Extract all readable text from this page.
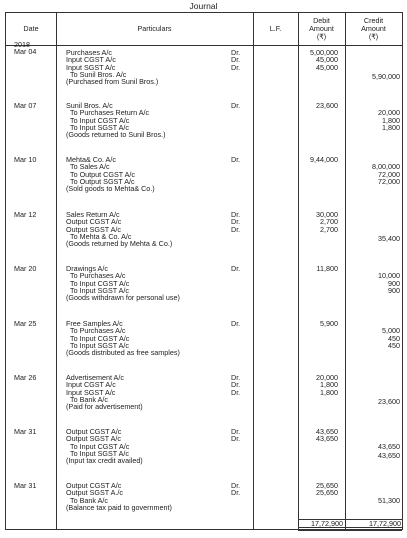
Journal
Date	Particulars	L.F.
Debit
Amount
(₹)
Credit
Amount
(₹)
2018
Mar 04	Purchases A/c	Dr.	5,00,000
Input CGST A/c	Dr.	45,000
Input SGST A/c	Dr.	45,000
To Sunil Bros. A/c	5,90,000
(Purchased from Sunil Bros.)
Mar 07	Sunil Bros. A/c	Dr.	23,600
To Purchases Return A/c	20,000
To Input CGST A/c	1,800
To Input SGST A/c	1,800
(Goods returned to Sunil Bros.)
Mar 10	Mehta& Co. A/c	Dr.	9,44,000
To Sales A/c	8,00,000
To Output CGST A/c	72,000
To Output SGST A/c	72,000
(Sold goods to Mehta& Co.)
Mar 12	Sales Return A/c	Dr.	30,000
Output CGST A/c	Dr.	2,700
Output SGST A/c	Dr.	2,700
To Mehta & Co. A/c	35,400
(Goods returned by Mehta & Co.)
Mar 20	Drawings A/c	Dr.	11,800
To Purchases A/c	10,000
To Input CGST A/c	900
To Input SGST A/c	900
(Goods withdrawn for personal use)
Mar 25	Free Samples A/c	Dr.	5,900
To Purchases A/c	5,000
To Input CGST A/c	450
To Input SGST A/c	450
(Goods distributed as free samples)
Mar 26	Advertisement A/c	Dr.	20,000
Input CGST A/c	Dr.	1,800
Input SGST A/c	Dr.	1,800
To Bank A/c	23,600
(Paid for advertisement)
Mar 31	Output CGST A/c	Dr.	43,650
Output SGST A/c	Dr.	43,650
To Input CGST A/c	43,650
To Input SGST A/c	43,650
(Input tax credit availed)
Mar 31	Output CGST A/c	Dr.	25,650
Output SGST A./c	Dr.	25,650
To Bank A/c	51,300
(Balance tax paid to government)
17,72,900	17,72,900
